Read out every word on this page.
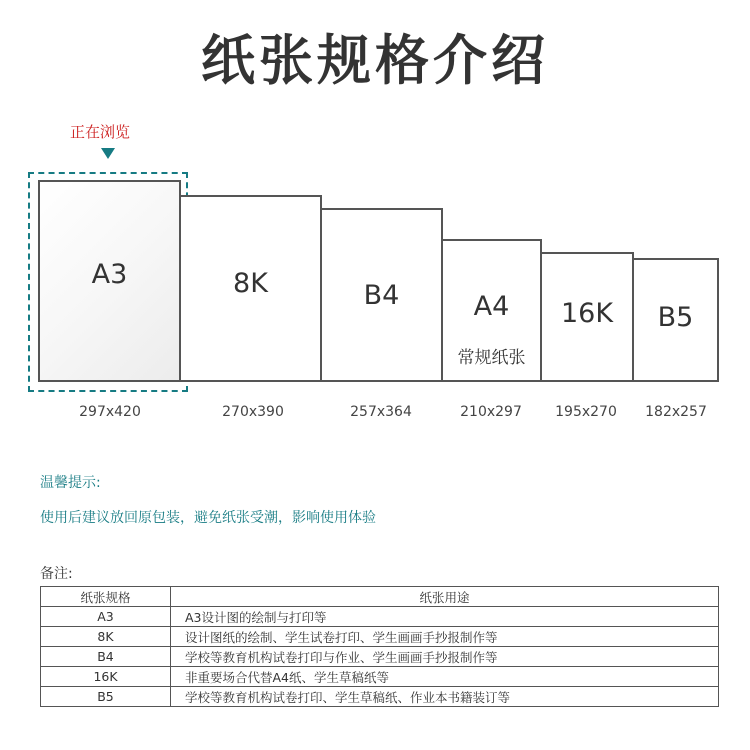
纸张规格介绍
正在浏览
A3	8K	B4	A4
常规纸张
16K	B5
297x420	270x390	257x364	210x297	195x270	182x257
温馨提示:
使用后建议放回原包装，避免纸张受潮，影响使用体验
备注:
纸张规格	纸张用途
A3	A3设计图的绘制与打印等
8K	设计图纸的绘制、学生试卷打印、学生画画手抄报制作等
B4	学校等教育机构试卷打印与作业、学生画画手抄报制作等
16K	非重要场合代替A4纸、学生草稿纸等
B5	学校等教育机构试卷打印、学生草稿纸、作业本书籍装订等
